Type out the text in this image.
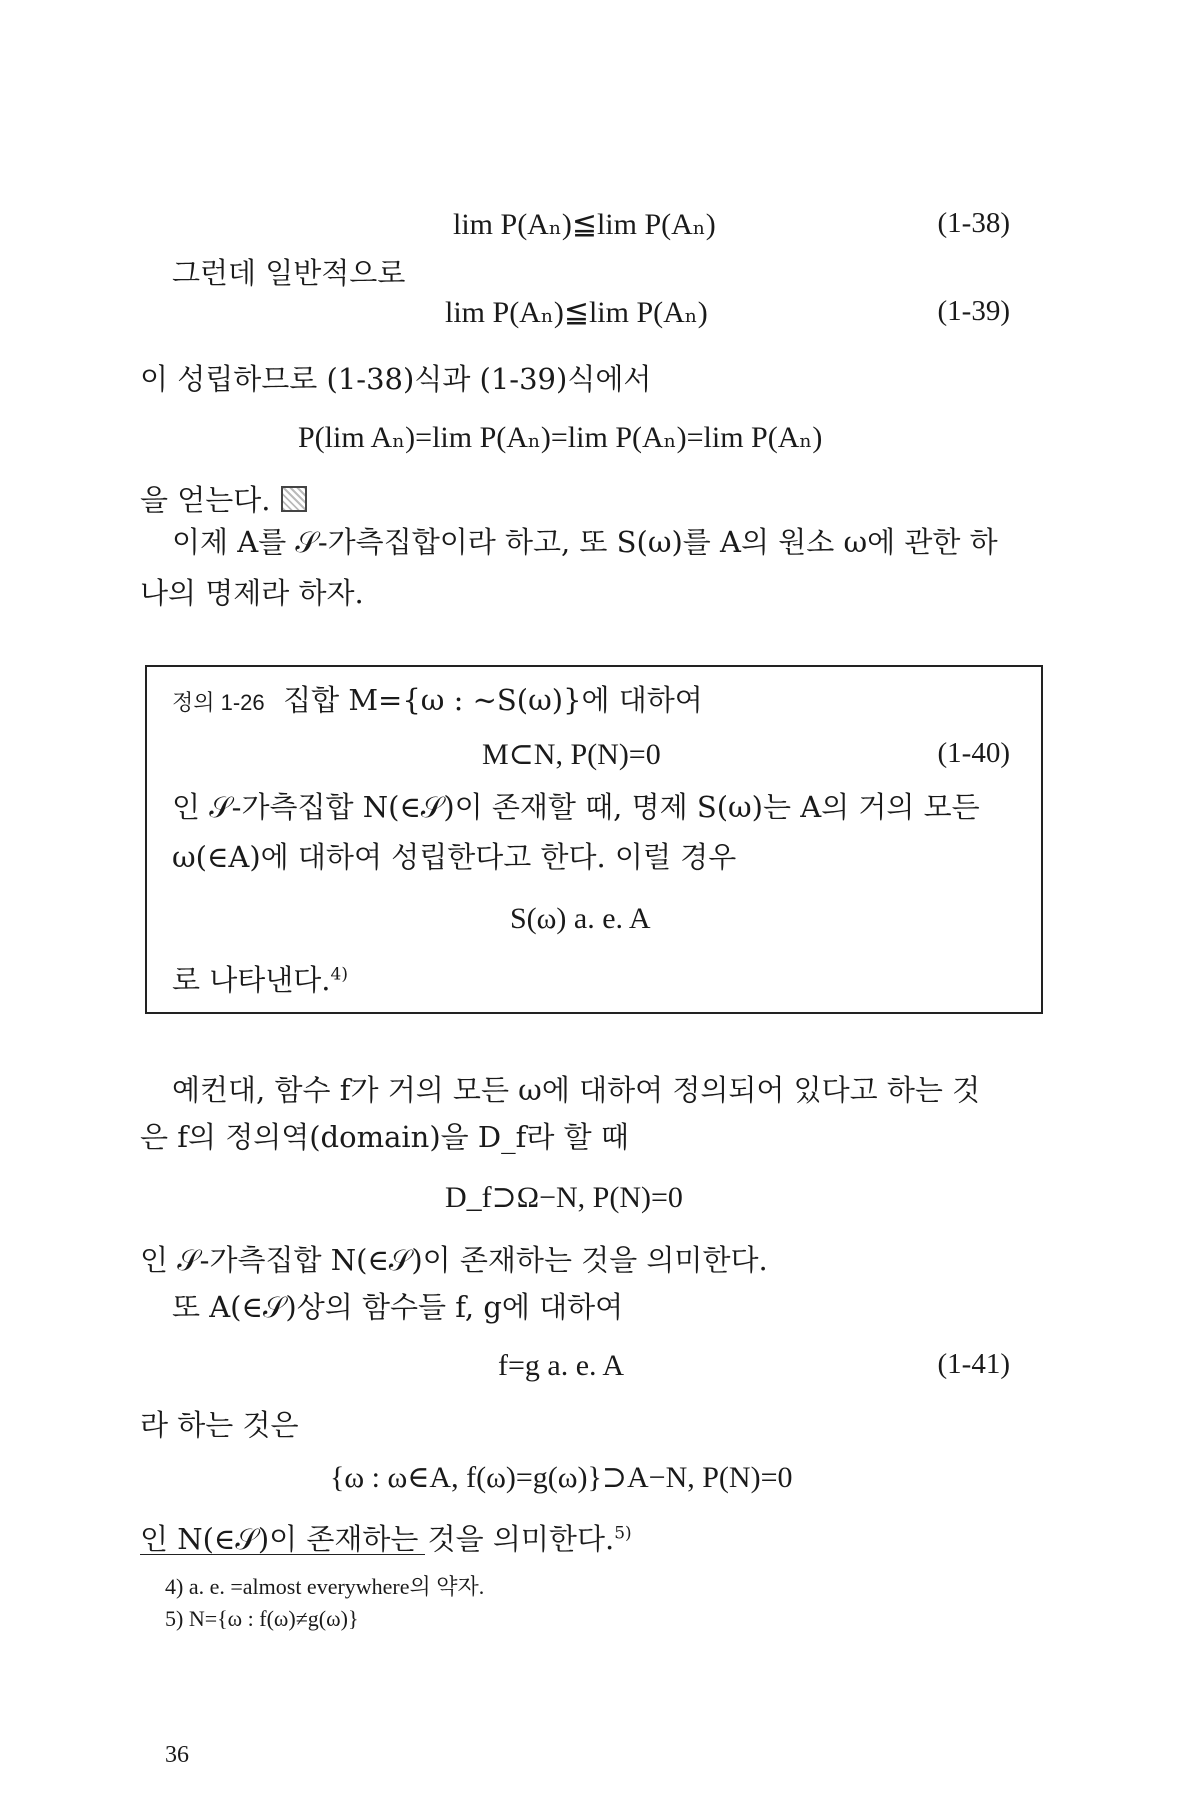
lim P(Aₙ)≦lim P(Aₙ)	(1-38)
그런데 일반적으로
lim P(Aₙ)≦lim P(Aₙ)	(1-39)
이 성립하므로 (1-38)식과 (1-39)식에서
P(lim Aₙ)=lim P(Aₙ)=lim P(Aₙ)=lim P(Aₙ)
을 얻는다.
이제 A를 𝒮-가측집합이라 하고, 또 S(ω)를 A의 원소 ω에 관한 하
나의 명제라 하자.
정의 1-26 집합 M={ω : ∼S(ω)}에 대하여
M⊂N, P(N)=0	(1-40)
인 𝒮-가측집합 N(∈𝒮)이 존재할 때, 명제 S(ω)는 A의 거의 모든
ω(∈A)에 대하여 성립한다고 한다. 이럴 경우
S(ω) a. e. A
로 나타낸다.$^{4)}$
예컨대, 함수 f가 거의 모든 ω에 대하여 정의되어 있다고 하는 것
은 f의 정의역(domain)을 D_f라 할 때
D_f⊃Ω−N, P(N)=0
인 𝒮-가측집합 N(∈𝒮)이 존재하는 것을 의미한다.
또 A(∈𝒮)상의 함수들 f, g에 대하여
f=g a. e. A	(1-41)
라 하는 것은
{ω : ω∈A, f(ω)=g(ω)}⊃A−N, P(N)=0
인 N(∈𝒮)이 존재하는 것을 의미한다.$^{5)}$
4) a. e. =almost everywhere의 약자.
5) N={ω : f(ω)≠g(ω)}
36
